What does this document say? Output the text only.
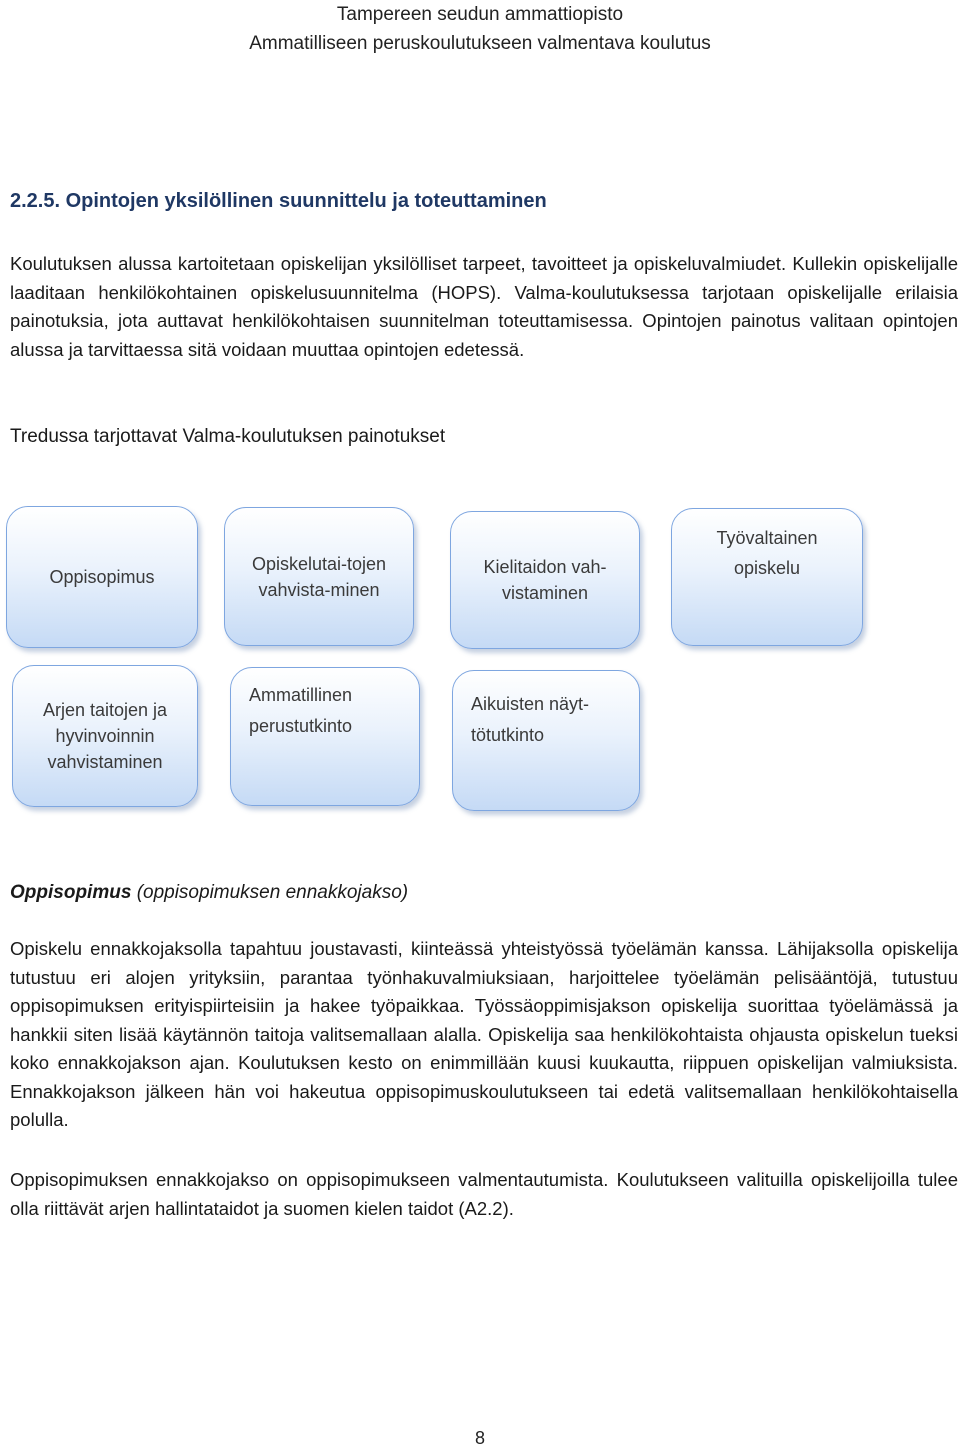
Tampereen seudun ammattiopisto
Ammatilliseen peruskoulutukseen valmentava koulutus
2.2.5. Opintojen yksilöllinen suunnittelu ja toteuttaminen

Koulutuksen alussa kartoitetaan opiskelijan yksilölliset tarpeet, tavoitteet ja opiskeluvalmiudet. Kullekin opiskelijalle laaditaan henkilökohtainen opiskelusuunnitelma (HOPS). Valma-koulutuksessa tarjotaan opiskelijalle erilaisia painotuksia, jota auttavat henkilökohtaisen suunnitelman toteuttamisessa. Opintojen painotus valitaan opintojen alussa ja tarvittaessa sitä voidaan muuttaa opintojen edetessä.

Tredussa tarjottavat Valma-koulutuksen painotukset

Oppisopimus
Opiskelutai-tojen vahvista-minen
Kielitaidon vah-vistaminen
Työvaltainen opiskelu
Arjen taitojen ja hyvinvoinnin vahvistaminen
Ammatillinen perustutkinto
Aikuisten näyt-tötutkinto
Oppisopimus (oppisopimuksen ennakkojakso)

Opiskelu ennakkojaksolla tapahtuu joustavasti, kiinteässä yhteistyössä työelämän kanssa. Lähijaksolla opiskelija tutustuu eri alojen yrityksiin, parantaa työnhakuvalmiuksiaan, harjoittelee työelämän pelisääntöjä, tutustuu oppisopimuksen erityispiirteisiin ja hakee työpaikkaa. Työssäoppimisjakson opiskelija suorittaa työelämässä ja hankkii siten lisää käytännön taitoja valitsemallaan alalla. Opiskelija saa henkilökohtaista ohjausta opiskelun tueksi koko ennakkojakson ajan. Koulutuksen kesto on enimmillään kuusi kuukautta, riippuen opiskelijan valmiuksista. Ennakkojakson jälkeen hän voi hakeutua oppisopimuskoulutukseen tai edetä valitsemallaan henkilökohtaisella polulla.

Oppisopimuksen ennakkojakso on oppisopimukseen valmentautumista. Koulutukseen valituilla opiskelijoilla tulee olla riittävät arjen hallintataidot ja suomen kielen taidot (A2.2).

8
